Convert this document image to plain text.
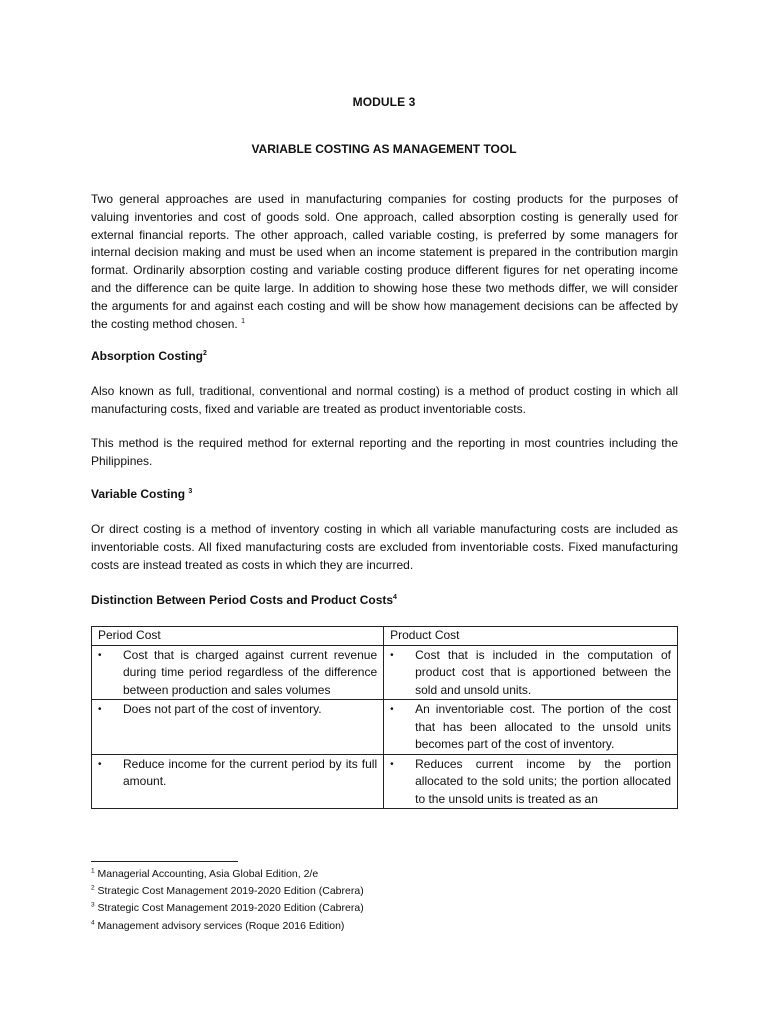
MODULE 3
VARIABLE COSTING AS MANAGEMENT TOOL
Two general approaches are used in manufacturing companies for costing products for the purposes of valuing inventories and cost of goods sold. One approach, called absorption costing is generally used for external financial reports. The other approach, called variable costing, is preferred by some managers for internal decision making and must be used when an income statement is prepared in the contribution margin format. Ordinarily absorption costing and variable costing produce different figures for net operating income and the difference can be quite large. In addition to showing hose these two methods differ, we will consider the arguments for and against each costing and will be show how management decisions can be affected by the costing method chosen. $^1$
Absorption Costing$^2$
Also known as full, traditional, conventional and normal costing) is a method of product costing in which all manufacturing costs, fixed and variable are treated as product inventoriable costs.
This method is the required method for external reporting and the reporting in most countries including the Philippines.
Variable Costing $^3$
Or direct costing is a method of inventory costing in which all variable manufacturing costs are included as inventoriable costs. All fixed manufacturing costs are excluded from inventoriable costs. Fixed manufacturing costs are instead treated as costs in which they are incurred.
Distinction Between Period Costs and Product Costs$^4$
Period Cost	Product Cost

• Cost that is charged against current revenue during time period regardless of the difference between production and sales volumes	• Cost that is included in the computation of product cost that is apportioned between the sold and unsold units.

• Does not part of the cost of inventory.	• An inventoriable cost. The portion of the cost that has been allocated to the unsold units becomes part of the cost of inventory.

• Reduce income for the current period by its full amount.	• Reduces current income by the portion allocated to the sold units; the portion allocated to the unsold units is treated as an
$^1$ Managerial Accounting, Asia Global Edition, 2/e
$^2$ Strategic Cost Management 2019-2020 Edition (Cabrera)
$^3$ Strategic Cost Management 2019-2020 Edition (Cabrera)
$^4$ Management advisory services (Roque 2016 Edition)
